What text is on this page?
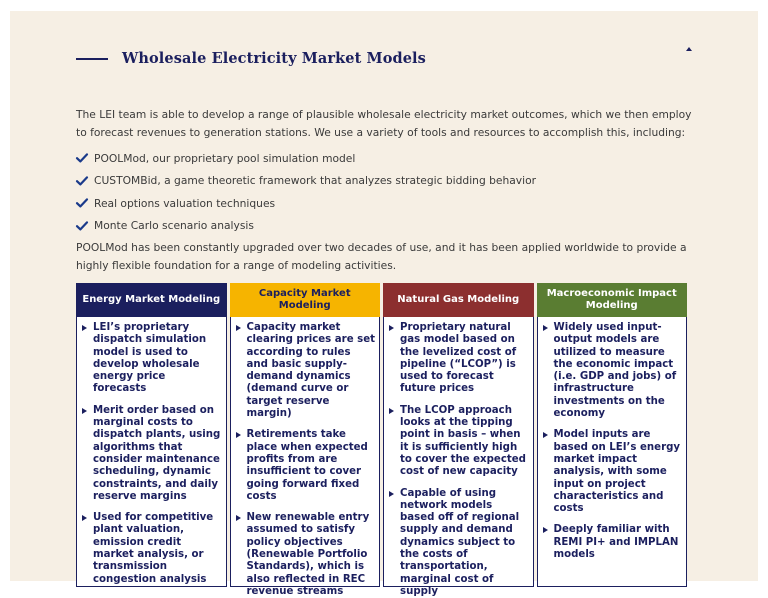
Wholesale Electricity Market Models

The LEI team is able to develop a range of plausible wholesale electricity market outcomes, which we then employ to forecast revenues to generation stations. We use a variety of tools and resources to accomplish this, including:

POOLMod, our proprietary pool simulation model
CUSTOMBid, a game theoretic framework that analyzes strategic bidding behavior
Real options valuation techniques
Monte Carlo scenario analysis

POOLMod has been constantly upgraded over two decades of use, and it has been applied worldwide to provide a highly flexible foundation for a range of modeling activities.

Energy Market Modeling
LEI’s proprietary dispatch simulation model is used to develop wholesale energy price forecasts
Merit order based on marginal costs to dispatch plants, using algorithms that consider maintenance scheduling, dynamic constraints, and daily reserve margins
Used for competitive plant valuation, emission credit market analysis, or transmission congestion analysis
Capacity Market Modeling
Capacity market clearing prices are set according to rules and basic supply-demand dynamics (demand curve or target reserve margin)
Retirements take place when expected profits from are insufficient to cover going forward fixed costs
New renewable entry assumed to satisfy policy objectives (Renewable Portfolio Standards), which is also reflected in REC revenue streams
Natural Gas Modeling
Proprietary natural gas model based on the levelized cost of pipeline (“LCOP”) is used to forecast future prices
The LCOP approach looks at the tipping point in basis – when it is sufficiently high to cover the expected cost of new capacity
Capable of using network models based off of regional supply and demand dynamics subject to the costs of transportation, marginal cost of supply
Macroeconomic Impact Modeling
Widely used input-output models are utilized to measure the economic impact (i.e. GDP and jobs) of infrastructure investments on the economy
Model inputs are based on LEI’s energy market impact analysis, with some input on project characteristics and costs
Deeply familiar with REMI PI+ and IMPLAN models
